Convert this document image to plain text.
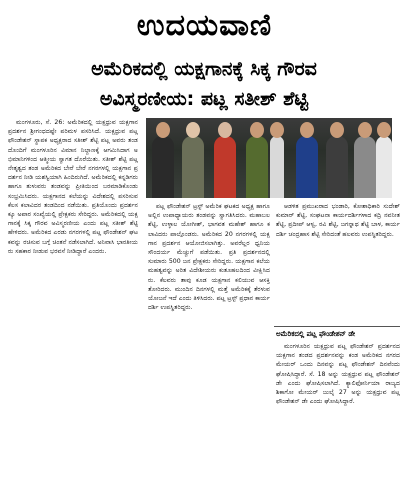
ಉದಯವಾಣಿ
ಅಮೆರಿಕದಲ್ಲಿ ಯಕ್ಷಗಾನಕ್ಕೆ ಸಿಕ್ಕ ಗೌರವ
ಅವಿಸ್ಮರಣೀಯ: ಪಟ್ಲ ಸತೀಶ್ ಶೆಟ್ಟಿ

ಮಂಗಳೂರು, ಸೆ. 26: ಅಮೆರಿಕದಲ್ಲಿ ಯಕ್ಷಧ್ರುವ ಯಕ್ಷಗಾನ ಪ್ರದರ್ಶನ ಶ್ರೀಗಂಧದಷ್ಟೇ ಪರಿಮಳ ಪಸರಿಸಿದೆ. ಯಕ್ಷಧ್ರುವ ಪಟ್ಲ ಫೌಂಡೇಶನ್ ಸ್ಥಾಪಕ ಅಧ್ಯಕ್ಷರಾದ ಸತೀಶ್ ಶೆಟ್ಟಿ ಪಟ್ಲ ಅವರು ತಂಡದೊಂದಿಗೆ ಮಂಗಳೂರಿನ ವಿಮಾನ ನಿಲ್ದಾಣಕ್ಕೆ ಆಗಮಿಸಿದಾಗ ಅಭಿಮಾನಿಗಳಿಂದ ಆತ್ಮೀಯ ಸ್ವಾಗತ ದೊರೆಯಿತು. ಸತೀಶ್ ಶೆಟ್ಟಿ ಪಟ್ಲ ನೇತೃತ್ವದ ತಂಡ ಅಮೆರಿಕದ ಬೇರೆ ಬೇರೆ ನಗರಗಳಲ್ಲಿ ಯಕ್ಷಗಾನ ಪ್ರದರ್ಶನ ನೀಡಿ ಯಶಸ್ವಿಯಾಗಿ ಹಿಂದಿರುಗಿದೆ. ಅಮೆರಿಕದಲ್ಲಿ ಕನ್ನಡಿಗರು ಹಾಗೂ ತುಳುವರು ತಂಡವನ್ನು ಪ್ರೀತಿಯಿಂದ ಬರಮಾಡಿಕೊಂಡು ಸಂಭ್ರಮಿಸಿದರು. ಯಕ್ಷಗಾನದ ಕಲೆಯನ್ನು ವಿದೇಶದಲ್ಲಿ ಪಸರಿಸುವ ಕೆಲಸ ಕಲಾವಿದರ ತಂಡದಿಂದ ನಡೆಯಿತು. ಪ್ರತಿಯೊಂದು ಪ್ರದರ್ಶನಕ್ಕೂ ಅಪಾರ ಸಂಖ್ಯೆಯಲ್ಲಿ ಪ್ರೇಕ್ಷಕರು ಸೇರಿದ್ದರು. ಅಮೆರಿಕದಲ್ಲಿ ಯಕ್ಷಗಾನಕ್ಕೆ ಸಿಕ್ಕ ಗೌರವ ಅವಿಸ್ಮರಣೀಯ ಎಂದು ಪಟ್ಲ ಸತೀಶ್ ಶೆಟ್ಟಿ ಹೇಳಿದರು. ಅಮೆರಿಕದ ಎರಡು ನಗರಗಳಲ್ಲಿ ಪಟ್ಲ ಫೌಂಡೇಶನ್ ಘಟಕವನ್ನು ರಚಿಸುವ ಬಗ್ಗೆ ಚಿಂತನೆ ನಡೆಸಲಾಗಿದೆ. ಅನಿವಾಸಿ ಭಾರತೀಯರು ಸಹಕಾರ ನೀಡುವ ಭರವಸೆ ನೀಡಿದ್ದಾರೆ ಎಂದರು.

ಪಟ್ಲ ಫೌಂಡೇಶನ್ ಟ್ರಸ್ಟ್ ಅಮೆರಿಕ ಘಟಕದ ಅಧ್ಯಕ್ಷ ಹಾಗೂ ಅಲ್ಲಿನ ಉಪಾಧ್ಯಾಯರು ತಂಡವನ್ನು ಸ್ವಾಗತಿಸಿದರು. ಮಹಾಬಲ ಶೆಟ್ಟಿ, ಉಳ್ಳಾಲ ಯೋಗೀಶ್, ಭಾಗವತ ಮಹೇಶ್ ಹಾಗೂ ಕಲಾವಿದರು ಪಾಲ್ಗೊಂಡರು. ಅಮೆರಿಕದ 20 ನಗರಗಳಲ್ಲಿ ಯಕ್ಷಗಾನ ಪ್ರದರ್ಶನ ಆಯೋಜಿಸಲಾಗಿತ್ತು. ಅವರೆಲ್ಲರ ಧ್ವನಿಯ ಸೌಂದರ್ಯ ಮೆಚ್ಚುಗೆ ಪಡೆಯಿತು. ಪ್ರತಿ ಪ್ರದರ್ಶನದಲ್ಲಿ ಸುಮಾರು 500 ಜನ ಪ್ರೇಕ್ಷಕರು ಸೇರಿದ್ದರು. ಯಕ್ಷಗಾನ ಕಲೆಯ ಮಹತ್ವವನ್ನು ಅರಿತ ವಿದೇಶೀಯರು ಕುತೂಹಲದಿಂದ ವೀಕ್ಷಿಸಿದರು. ಕೆಲವರು ತಾವು ಕೂಡ ಯಕ್ಷಗಾನ ಕಲಿಯುವ ಆಸಕ್ತಿ ತೋರಿದರು. ಮುಂದಿನ ದಿನಗಳಲ್ಲಿ ಮತ್ತೆ ಅಮೆರಿಕಕ್ಕೆ ತೆರಳುವ ಯೋಜನೆ ಇದೆ ಎಂದು ತಿಳಿಸಿದರು. ಪಟ್ಲ ಟ್ರಸ್ಟ್ ಪ್ರಧಾನ ಕಾರ್ಯದರ್ಶಿ ಉಪಸ್ಥಿತರಿದ್ದರು.

ಆಡಳಿತ ಪ್ರಮುಖರಾದ ಭಂಡಾರಿ, ಕೋಶಾಧಿಕಾರಿ ಸುದೇಶ್ ಕುಮಾರ್ ಶೆಟ್ಟಿ, ಸಂಘಟನಾ ಕಾರ್ಯದರ್ಶಿಗಳಾದ ಕದ್ರಿ ನವನೀತ ಶೆಟ್ಟಿ, ಪ್ರದೀಪ್ ಆಳ್ವ, ರವಿ ಶೆಟ್ಟಿ, ಜಗನ್ನಾಥ ಶೆಟ್ಟಿ ಬಾಳ, ಕಾರ್ಯದರ್ಶಿ ಚಂದ್ರಹಾಸ ಶೆಟ್ಟಿ ಸೇರಿದಂತೆ ಹಲವರು ಉಪಸ್ಥಿತರಿದ್ದರು.

ಅಮೆರಿಕದಲ್ಲಿ ಪಟ್ಲ ಫೌಂಡೇಶನ್ ಡೇ

ಮಂಗಳೂರಿನ ಯಕ್ಷಧ್ರುವ ಪಟ್ಲ ಫೌಂಡೇಶನ್ ಪ್ರದರ್ಶನದ ಯಕ್ಷಗಾನ ತಂಡದ ಪ್ರದರ್ಶನವನ್ನು ಕಂಡ ಅಮೆರಿಕದ ನಗರದ ಮೇಯರ್ ಒಂದು ದಿನವನ್ನು ಪಟ್ಲ ಫೌಂಡೇಶನ್ ದಿನವೆಂದು ಘೋಷಿಸಿದ್ದಾರೆ. ಸೆ. 18 ಅನ್ನು ಯಕ್ಷಧ್ರುವ ಪಟ್ಲ ಫೌಂಡೇಶನ್ ಡೇ ಎಂದು ಘೋಷಿಸಲಾಗಿದೆ. ಕ್ಯಾಲಿಫೋರ್ನಿಯಾ ರಾಜ್ಯದ ಶಿಕಾಗೋ ಮೇಯರ್ ಜುಲೈ 27 ಅನ್ನು ಯಕ್ಷಧ್ರುವ ಪಟ್ಲ ಫೌಂಡೇಶನ್ ಡೇ ಎಂದು ಘೋಷಿಸಿದ್ದಾರೆ.
